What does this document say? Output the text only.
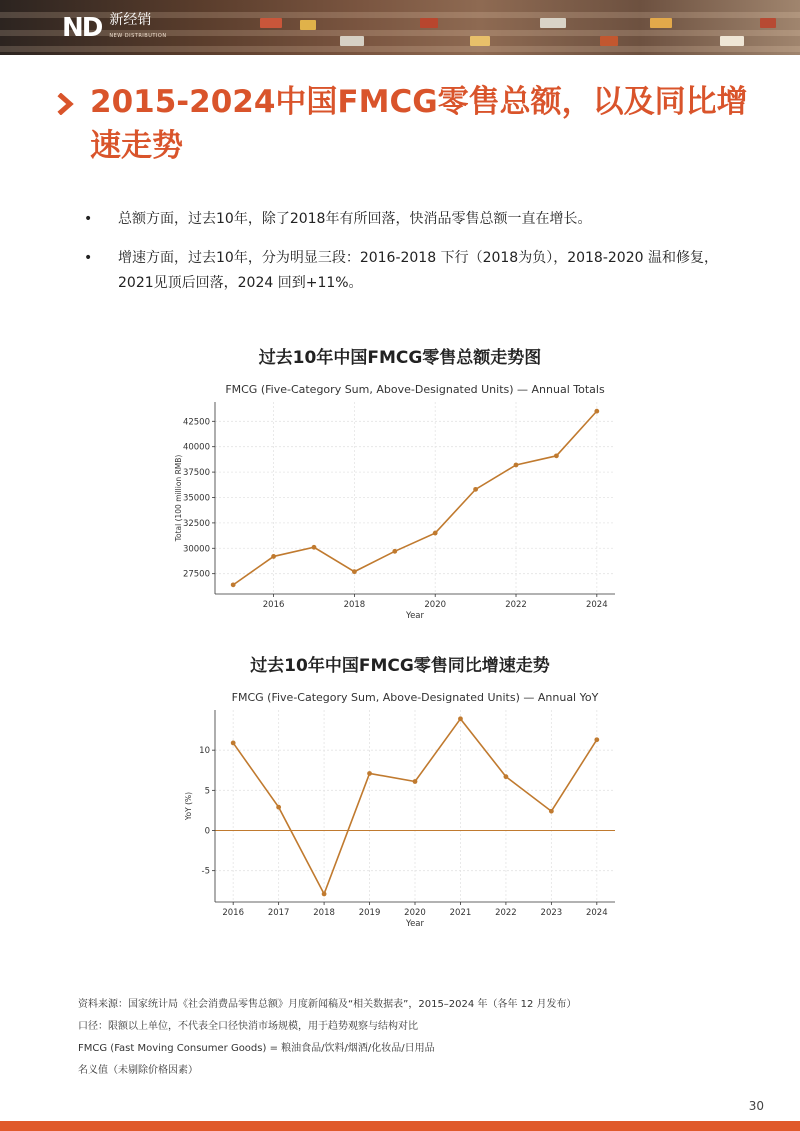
ND 新经销
NEW DISTRIBUTION
2015-2024中国FMCG零售总额，以及同比增速走势
•	总额方面，过去10年，除了2018年有所回落，快消品零售总额一直在增长。
•	增速方面，过去10年，分为明显三段：2016-2018 下行（2018为负），2018-2020 温和修复，2021见顶后回落，2024 回到+11%。
过去10年中国FMCG零售总额走势图
FMCG (Five-Category Sum, Above-Designated Units) — Annual Totals
2016	2018	2020	2022	2024
27500
30000
32500
35000
37500
40000
42500
Year
Total (100 million RMB)
过去10年中国FMCG零售同比增速走势
FMCG (Five-Category Sum, Above-Designated Units) — Annual YoY
2016	2017	2018	2019	2020	2021	2022	2023	2024
-5
0
5
10
Year
YoY (%)
资料来源：国家统计局《社会消费品零售总额》月度新闻稿及“相关数据表”，2015–2024 年（各年 12 月发布）
口径：限额以上单位，不代表全口径快消市场规模，用于趋势观察与结构对比
FMCG (Fast Moving Consumer Goods) = 粮油食品/饮料/烟酒/化妆品/日用品
名义值（未剔除价格因素）
30
